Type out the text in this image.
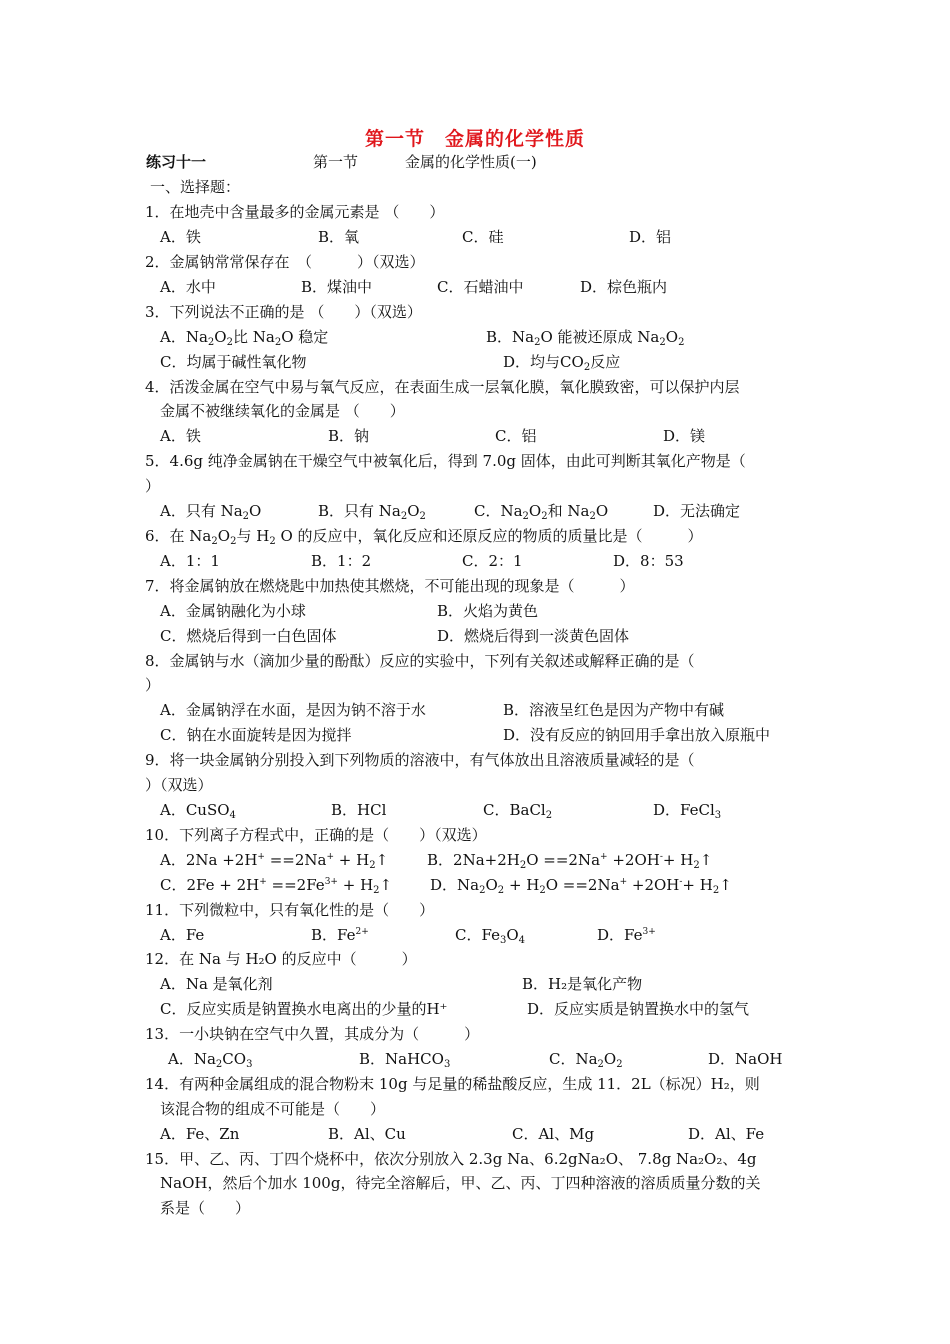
第一节　金属的化学性质
练习十一	第一节	金属的化学性质(一)
一、选择题：
1．在地壳中含量最多的金属元素是 （　　）
A．铁	B．氧	C．硅	D．铝
2．金属钠常常保存在　（　　　）（双选）
A．水中	B．煤油中	C．石蜡油中	D．棕色瓶内
3．下列说法不正确的是 （　　）（双选）
A．$Na_2O_2$比 $Na_2O$ 稳定	B．$Na_2O$ 能被还原成 $Na_2O_2$
C．均属于碱性氧化物	D．均与$CO_2$反应
4．活泼金属在空气中易与氧气反应，在表面生成一层氧化膜，氧化膜致密，可以保护内层
金属不被继续氧化的金属是 （　　）
A．铁	B．钠	C．铝	D．镁
5．4.6g 纯净金属钠在干燥空气中被氧化后，得到 7.0g 固体，由此可判断其氧化产物是（
）
A．只有 $Na_2O$	B．只有 $Na_2O_2$	C．$Na_2O_2$和 $Na_2O$	D．无法确定
6．在 $Na_2O_2$与 $H_2$ O 的反应中，氧化反应和还原反应的物质的质量比是（　　　）
A．1：1	B．1：2	C．2：1	D．8：53
7．将金属钠放在燃烧匙中加热使其燃烧，不可能出现的现象是（　　　）
A．金属钠融化为小球	B．火焰为黄色
C．燃烧后得到一白色固体	D．燃烧后得到一淡黄色固体
8．金属钠与水（滴加少量的酚酞）反应的实验中，下列有关叙述或解释正确的是（
）
A．金属钠浮在水面，是因为钠不溶于水	B．溶液呈红色是因为产物中有碱
C．钠在水面旋转是因为搅拌	D．没有反应的钠回用手拿出放入原瓶中
9．将一块金属钠分别投入到下列物质的溶液中，有气体放出且溶液质量减轻的是（
）（双选）
A．CuSO$_4$	B．HCl	C．BaCl$_2$	D．FeCl$_3$
10．下列离子方程式中，正确的是（　　）（双选）
A．$2Na +2H^+ ==2Na^+ + H_2↑$	B．$2Na+2H_2O ==2Na^+ +2OH^-+$ $H_2↑$
C．$2Fe + 2H^+ ==2Fe^{3+}$ + $H_2↑$	D．$Na_2O_2 + H_2O ==2Na^+ +2OH^-+$ $H_2↑$
11．下列微粒中，只有氧化性的是（　　）
A．Fe	B．$Fe^{2+}$	C．$Fe_3O_4$	D．$Fe^{3+}$
12．在 Na 与 H₂O 的反应中（　　　）
A．Na 是氧化剂	B．H₂是氧化产物
C．反应实质是钠置换水电离出的少量的H⁺	D．反应实质是钠置换水中的氢气
13．一小块钠在空气中久置，其成分为（　　　）
A．$Na_2CO_3$	B．NaHCO$_3$	C．$Na_2O_2$	D．NaOH
14．有两种金属组成的混合物粉末 10g 与足量的稀盐酸反应，生成 11．2L（标况）H₂，则
该混合物的组成不可能是（　　）
A．Fe、Zn	B．Al、Cu	C．Al、Mg	D．Al、Fe
15．甲、乙、丙、丁四个烧杯中，依次分别放入 2.3g Na、6.2gNa₂O、 7.8g Na₂O₂、4g
NaOH，然后个加水 100g，待完全溶解后，甲、乙、丙、丁四种溶液的溶质质量分数的关
系是（　　）
